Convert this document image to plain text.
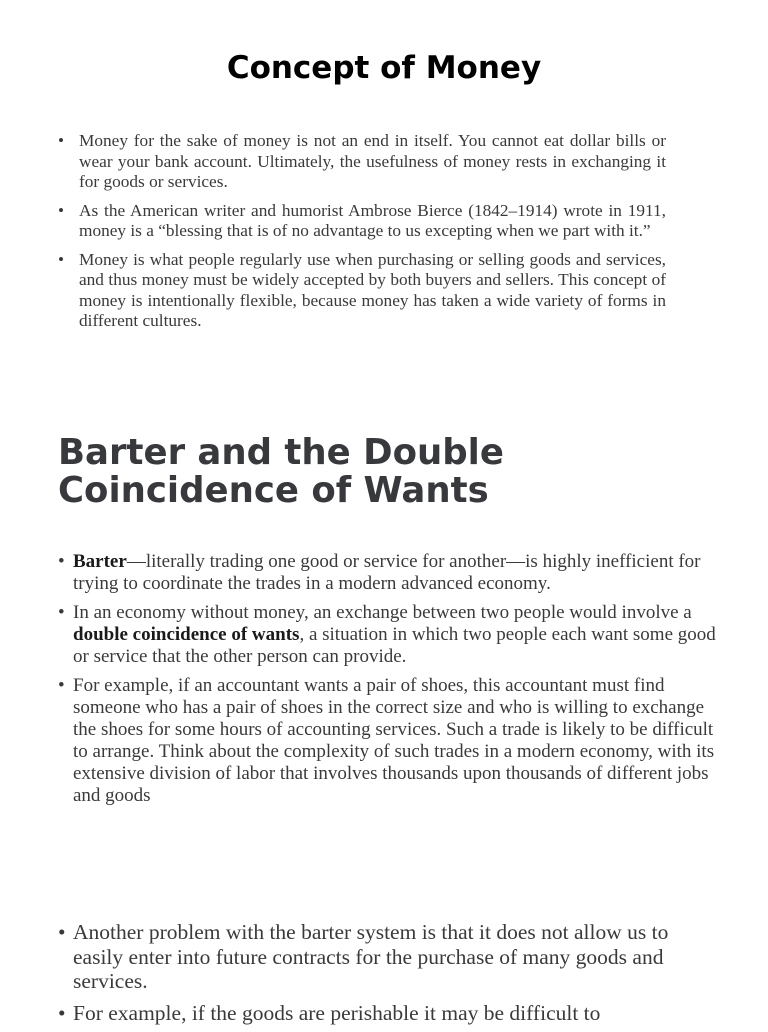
Concept of Money
• Money for the sake of money is not an end in itself. You cannot eat dollar bills or wear your bank account. Ultimately, the usefulness of money rests in exchanging it for goods or services.
• As the American writer and humorist Ambrose Bierce (1842–1914) wrote in 1911, money is a “blessing that is of no advantage to us excepting when we part with it.”
• Money is what people regularly use when purchasing or selling goods and services, and thus money must be widely accepted by both buyers and sellers. This concept of money is intentionally flexible, because money has taken a wide variety of forms in different cultures.
Barter and the Double Coincidence of Wants
• Barter—literally trading one good or service for another—is highly inefficient for trying to coordinate the trades in a modern advanced economy.
• In an economy without money, an exchange between two people would involve a double coincidence of wants, a situation in which two people each want some good or service that the other person can provide.
• For example, if an accountant wants a pair of shoes, this accountant must find someone who has a pair of shoes in the correct size and who is willing to exchange the shoes for some hours of accounting services. Such a trade is likely to be difficult to arrange. Think about the complexity of such trades in a modern economy, with its extensive division of labor that involves thousands upon thousands of different jobs and goods
• Another problem with the barter system is that it does not allow us to easily enter into future contracts for the purchase of many goods and services.
• For example, if the goods are perishable it may be difficult to
